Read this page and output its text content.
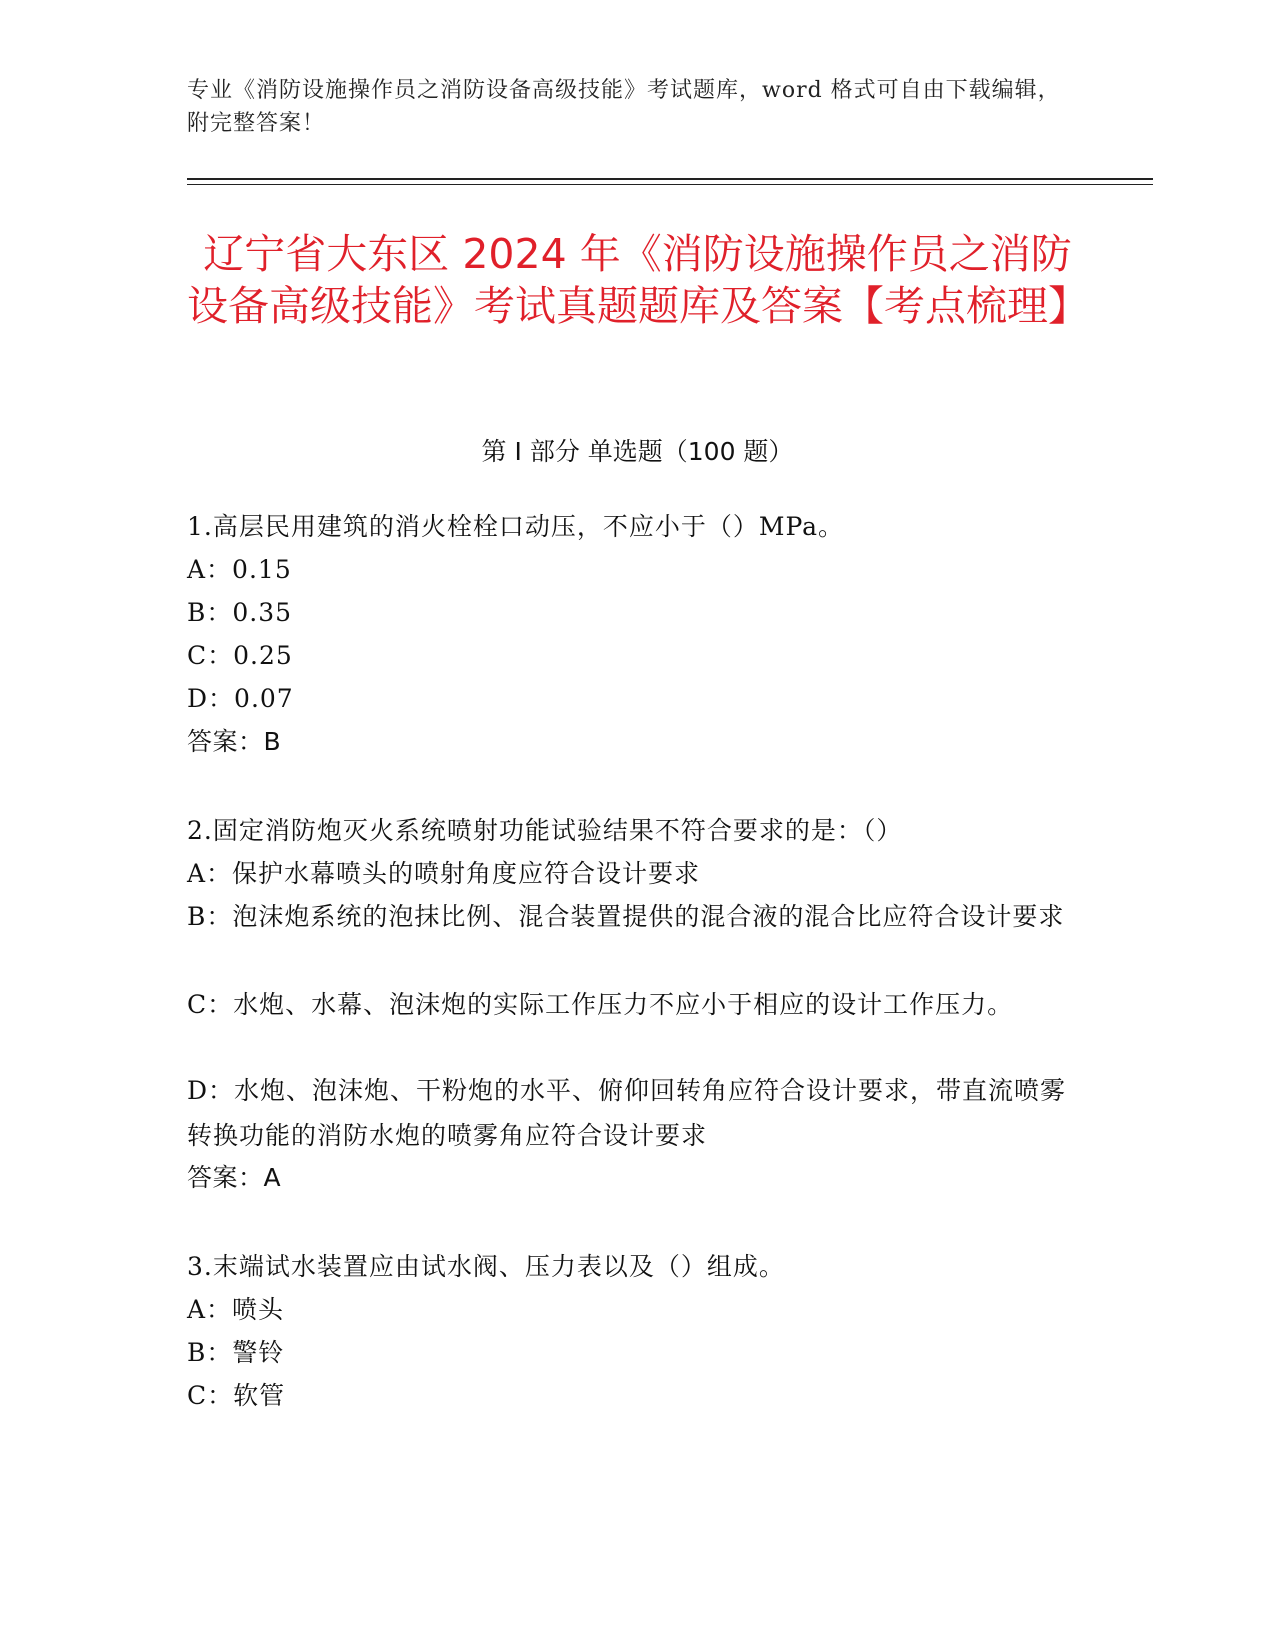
专业《消防设施操作员之消防设备高级技能》考试题库，word 格式可自由下载编辑，附完整答案！
辽宁省大东区 2024 年《消防设施操作员之消防设备高级技能》考试真题题库及答案【考点梳理】
第 I 部分 单选题（100 题）
1.高层民用建筑的消火栓栓口动压，不应小于（）MPa。
A：0.15
B：0.35
C：0.25
D：0.07
答案：B
2.固定消防炮灭火系统喷射功能试验结果不符合要求的是：（）
A：保护水幕喷头的喷射角度应符合设计要求
B：泡沫炮系统的泡抹比例、混合装置提供的混合液的混合比应符合设计要求
C：水炮、水幕、泡沫炮的实际工作压力不应小于相应的设计工作压力。
D：水炮、泡沫炮、干粉炮的水平、俯仰回转角应符合设计要求，带直流喷雾转换功能的消防水炮的喷雾角应符合设计要求
答案：A
3.末端试水装置应由试水阀、压力表以及（）组成。
A：喷头
B：警铃
C：软管
